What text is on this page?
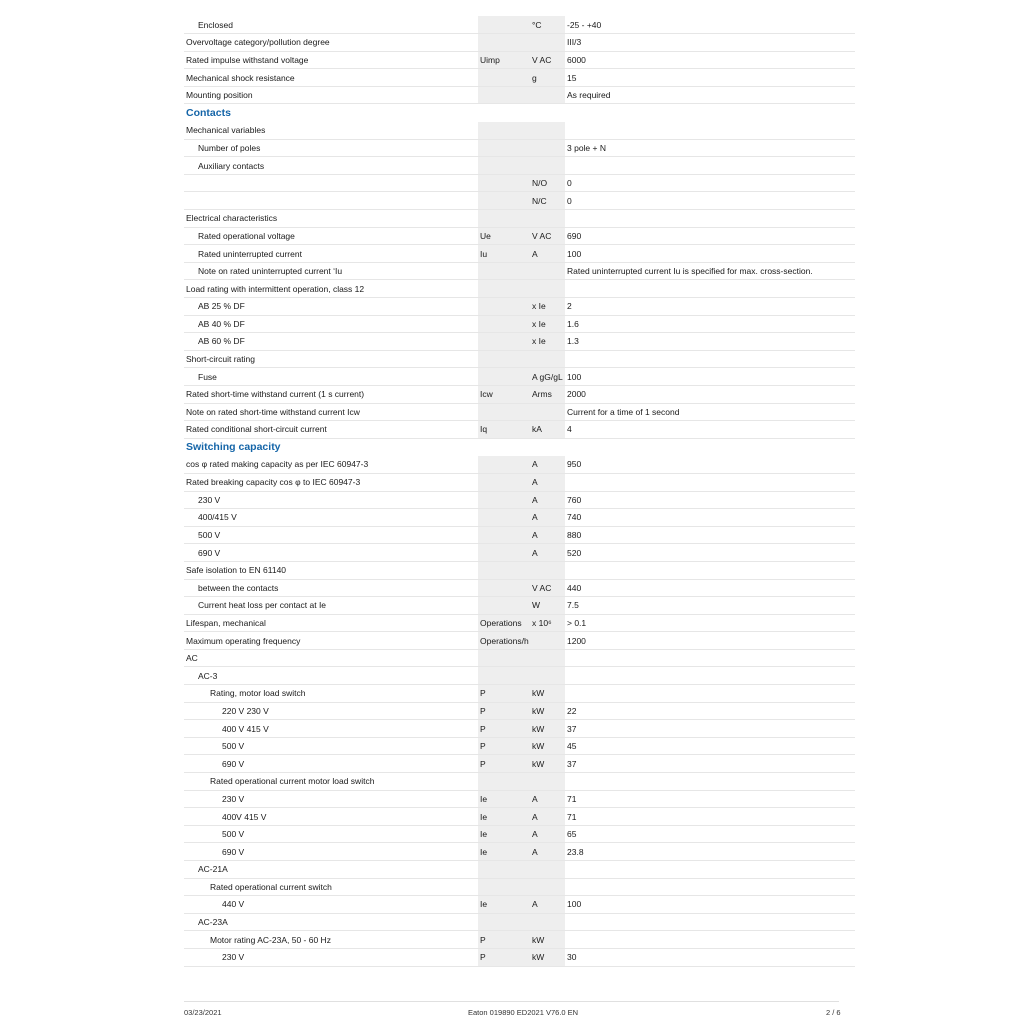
Enclosed		°C	-25 - +40
Overvoltage category/pollution degree			III/3
Rated impulse withstand voltage	Uimp	V AC	6000
Mechanical shock resistance		g	15
Mounting position			As required
Contacts			
Mechanical variables			
Number of poles			3 pole + N
Auxiliary contacts			
		N/O	0
		N/C	0
Electrical characteristics			
Rated operational voltage	Ue	V AC	690
Rated uninterrupted current	Iu	A	100
Note on rated uninterrupted current ‘Iu			Rated uninterrupted current Iu is specified for max. cross-section.
Load rating with intermittent operation, class 12			
AB 25 % DF		x Ie	2
AB 40 % DF		x Ie	1.6
AB 60 % DF		x Ie	1.3
Short-circuit rating			
Fuse		A gG/gL	100
Rated short-time withstand current (1 s current)	Icw	Arms	2000
Note on rated short-time withstand current Icw			Current for a time of 1 second
Rated conditional short-circuit current	Iq	kA	4
Switching capacity			
cos φ rated making capacity as per IEC 60947-3		A	950
Rated breaking capacity cos φ to IEC 60947-3		A	
230 V		A	760
400/415 V		A	740
500 V		A	880
690 V		A	520
Safe isolation to EN 61140			
between the contacts		V AC	440
Current heat loss per contact at Ie		W	7.5
Lifespan, mechanical	Operations	x 10⁶	> 0.1
Maximum operating frequency	Operations/h		1200
AC			
AC-3			
Rating, motor load switch	P	kW	
220 V 230 V	P	kW	22
400 V 415 V	P	kW	37
500 V	P	kW	45
690 V	P	kW	37
Rated operational current motor load switch			
230 V	Ie	A	71
400V 415 V	Ie	A	71
500 V	Ie	A	65
690 V	Ie	A	23.8
AC-21A			
Rated operational current switch			
440 V	Ie	A	100
AC-23A			
Motor rating AC-23A, 50 - 60 Hz	P	kW	
230 V	P	kW	30
03/23/2021	Eaton 019890 ED2021 V76.0 EN	2 / 6
